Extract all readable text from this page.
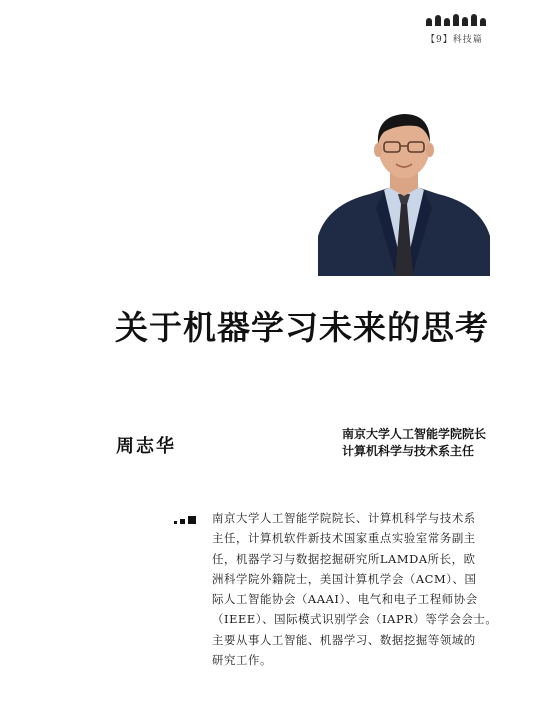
【9】科技篇
关于机器学习未来的思考
周志华
南京大学人工智能学院院长
计算机科学与技术系主任
南京大学人工智能学院院长、计算机科学与技术系
主任，计算机软件新技术国家重点实验室常务副主
任，机器学习与数据挖掘研究所LAMDA所长，欧
洲科学院外籍院士，美国计算机学会（ACM）、国
际人工智能协会（AAAI）、电气和电子工程师协会
（IEEE）、国际模式识别学会（IAPR）等学会会士。
主要从事人工智能、机器学习、数据挖掘等领域的
研究工作。
